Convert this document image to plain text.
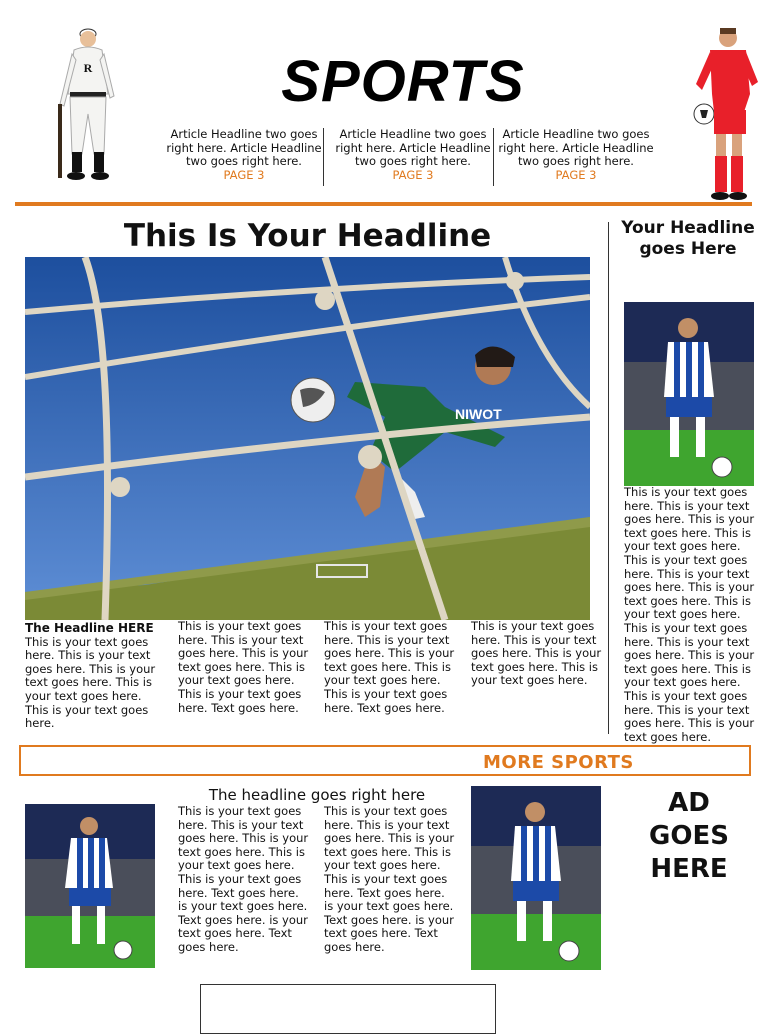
R	SPORTS
Article Headline two goes right here. Article Headline two goes right here.
PAGE 3
Article Headline two goes right here. Article Headline two goes right here.
PAGE 3
Article Headline two goes right here. Article Headline two goes right here.
PAGE 3
This Is Your Headline
NIWOT
The Headline HERE
This is your text goes here. This is your text goes here. This is your text goes here. This is your text goes here. This is your text goes here.
This is your text goes here. This is your text goes here. This is your text goes here. This is your text goes here. This is your text goes here. Text goes here.
This is your text goes here. This is your text goes here. This is your text goes here. This is your text goes here. This is your text goes here. Text goes here.
This is your text goes here. This is your text goes here. This is your text goes here. This is your text goes here.
Your Headline goes Here
This is your text goes here. This is your text goes here. This is your text goes here. This is your text goes here. This is your text goes here. This is your text goes here. This is your text goes here. This is your text goes here. This is your text goes here. This is your text goes here. This is your text goes here. This is your text goes here. This is your text goes here. This is your text goes here. This is your text goes here.
MORE SPORTS
The headline goes right here
This is your text goes here. This is your text goes here. This is your text goes here. This is your text goes here. This is your text goes here. Text goes here. is your text goes here. Text goes here. is your text goes here. Text goes here.
This is your text goes here. This is your text goes here. This is your text goes here. This is your text goes here. This is your text goes here. Text goes here. is your text goes here. Text goes here. is your text goes here. Text goes here.
AD GOES HERE
